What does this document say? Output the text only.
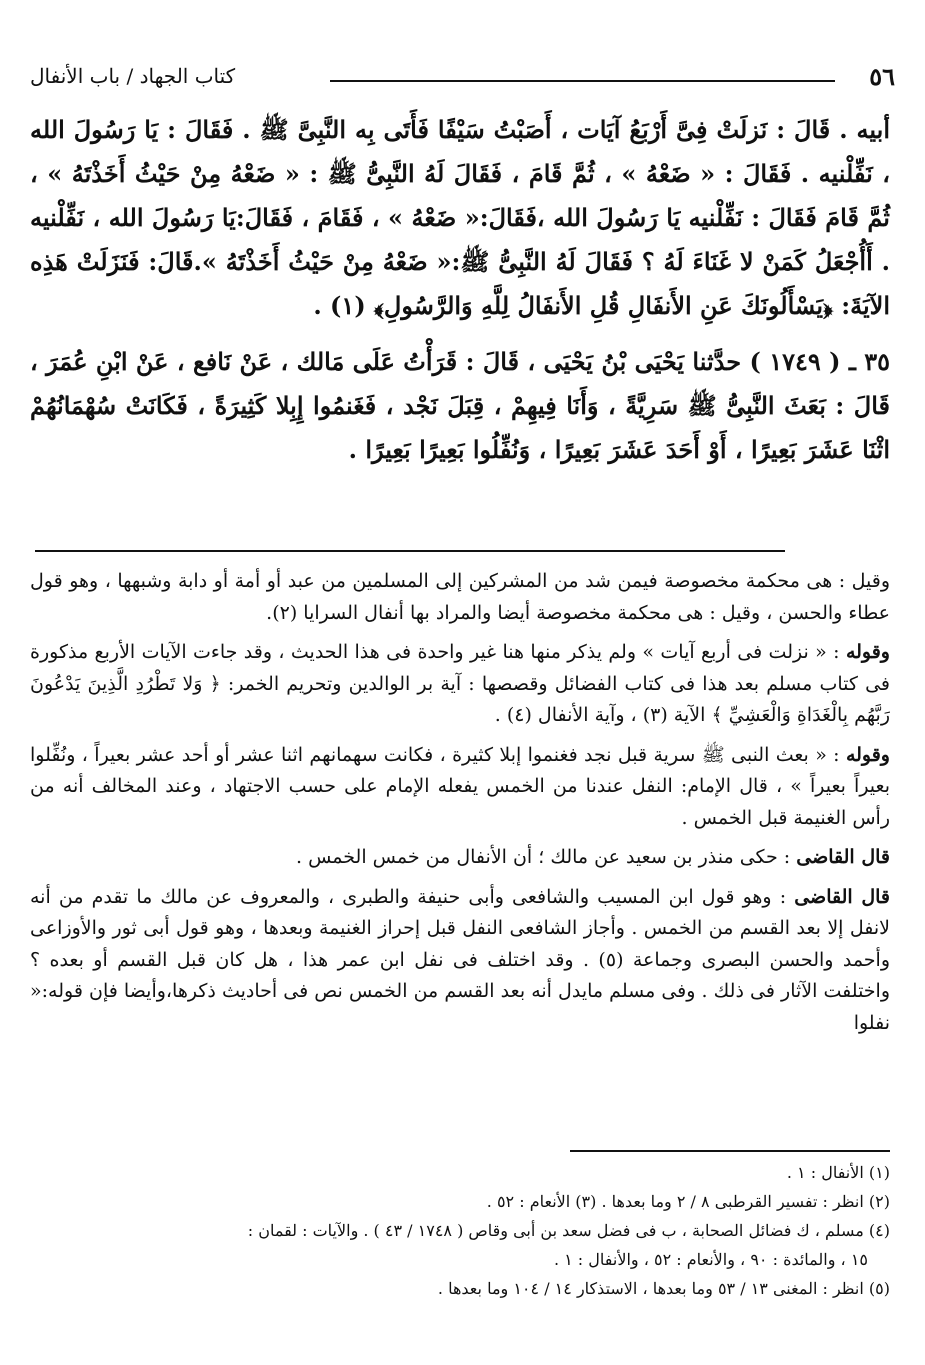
٥٦
كتاب الجهاد / باب الأنفال

أبيه . قَالَ : نَزلَتْ فِىَّ أَرْبَعُ آيَات ، أَصَبْتُ سَيْفًا فَأَتَى بِه النَّبِىَّ ﷺ . فَقَالَ : يَا رَسُولَ الله ، نَفِّلْنيه . فَقَالَ : « ضَعْهُ » ، ثُمَّ قَامَ ، فَقَالَ لَهُ النَّبِىُّ ﷺ : « ضَعْهُ مِنْ حَيْثُ أَخَذْتَهُ » ، ثُمَّ قَامَ فَقَالَ : نَفِّلْنيه يَا رَسُولَ الله ،فَقَالَ:« ضَعْهُ » ، فَقَامَ ، فَقَالَ:يَا رَسُولَ الله ، نَفِّلْنيه . أَأُجْعَلُ كَمَنْ لا غَنَاءَ لَهُ ؟ فَقَالَ لَهُ النَّبِىُّ ﷺ:« ضَعْهُ مِنْ حَيْثُ أَخَذْتَهُ ».قَالَ: فَنَزَلَتْ هَذِه الآيَةَ: ﴿يَسْأَلُونَكَ عَنِ الأَنفَالِ قُلِ الأَنفَالُ لِلَّهِ وَالرَّسُولِ﴾ (١) .

٣٥ ـ ( ١٧٤٩ ) حدَّثنا يَحْيَى بْنُ يَحْيَى ، قَالَ : قَرَأْتُ عَلَى مَالك ، عَنْ نَافع ، عَنْ ابْنِ عُمَرَ ، قَالَ : بَعَثَ النَّبِىُّ ﷺ سَرِيَّةً ، وَأَنَا فِيهِمْ ، قِبَلَ نَجْد ، فَغَنمُوا إِبِلا كَثِيرَةً ، فَكَانَتْ سُهْمَانُهُمْ اثْنَا عَشَرَ بَعِيرًا ، أَوْ أَحَدَ عَشَرَ بَعِيرًا ، وَنُفِّلُوا بَعِيرًا بَعِيرًا .

وقيل : هى محكمة مخصوصة فيمن شد من المشركين إلى المسلمين من عبد أو أمة أو دابة وشبهها ، وهو قول عطاء والحسن ، وقيل : هى محكمة مخصوصة أيضا والمراد بها أنفال السرايا (٢).

وقوله : « نزلت فى أربع آيات » ولم يذكر منها هنا غير واحدة فى هذا الحديث ، وقد جاءت الآيات الأربع مذكورة فى كتاب مسلم بعد هذا فى كتاب الفضائل وقصصها : آية بر الوالدين وتحريم الخمر: ﴿ وَلا تَطْرُدِ الَّذِينَ يَدْعُونَ رَبَّهُم بِالْغَدَاةِ وَالْعَشِيِّ ﴾ الآية (٣) ، وآية الأنفال (٤) .

وقوله : « بعث النبى ﷺ سرية قبل نجد فغنموا إبلا كثيرة ، فكانت سهمانهم اثنا عشر أو أحد عشر بعيراً ، ونُفِّلوا بعيراً بعيراً » ، قال الإمام: النفل عندنا من الخمس يفعله الإمام على حسب الاجتهاد ، وعند المخالف أنه من رأس الغنيمة قبل الخمس .

قال القاضى : حكى منذر بن سعيد عن مالك ؛ أن الأنفال من خمس الخمس .

قال القاضى : وهو قول ابن المسيب والشافعى وأبى حنيفة والطبرى ، والمعروف عن مالك ما تقدم من أنه لانفل إلا بعد القسم من الخمس . وأجاز الشافعى النفل قبل إحراز الغنيمة وبعدها ، وهو قول أبى ثور والأوزاعى وأحمد والحسن البصرى وجماعة (٥) . وقد اختلف فى نفل ابن عمر هذا ، هل كان قبل القسم أو بعده ؟ واختلفت الآثار فى ذلك . وفى مسلم مايدل أنه بعد القسم من الخمس نص فى أحاديث ذكرها،وأيضا فإن قوله:« نفلوا

(١) الأنفال : ١ .
(٢) انظر : تفسير القرطبى ٨ / ٢ وما بعدها . (٣) الأنعام : ٥٢ .
(٤) مسلم ، ك فضائل الصحابة ، ب فى فضل سعد بن أبى وقاص ( ١٧٤٨ / ٤٣ ) . والآيات : لقمان :
١٥ ، والمائدة : ٩٠ ، والأنعام : ٥٢ ، والأنفال : ١ .
(٥) انظر : المغنى ١٣ / ٥٣ وما بعدها ، الاستذكار ١٤ / ١٠٤ وما بعدها .
